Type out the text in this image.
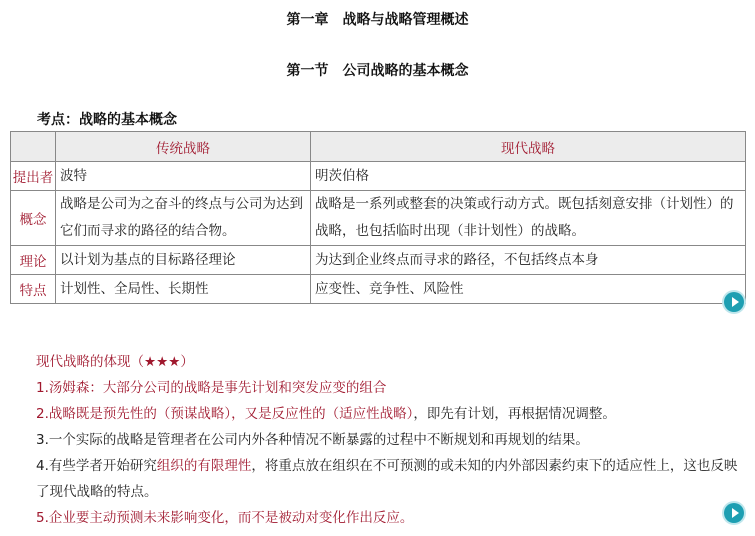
第一章　战略与战略管理概述
第一节　公司战略的基本概念
考点：战略的基本概念
	传统战略	现代战略
提出者	波特	明茨伯格
概念	战略是公司为之奋斗的终点与公司为达到它们而寻求的路径的结合物。	战略是一系列或整套的决策或行动方式。既包括刻意安排（计划性）的战略，也包括临时出现（非计划性）的战略。
理论	以计划为基点的目标路径理论	为达到企业终点而寻求的路径，不包括终点本身
特点	计划性、全局性、长期性	应变性、竞争性、风险性

现代战略的体现（★★★）

1.汤姆森：大部分公司的战略是事先计划和突发应变的组合

2.战略既是预先性的（预谋战略），又是反应性的（适应性战略），即先有计划，再根据情况调整。

3.一个实际的战略是管理者在公司内外各种情况不断暴露的过程中不断规划和再规划的结果。

4.有些学者开始研究组织的有限理性，将重点放在组织在不可预测的或未知的内外部因素约束下的适应性上，这也反映了现代战略的特点。

5.企业要主动预测未来影响变化，而不是被动对变化作出反应。
